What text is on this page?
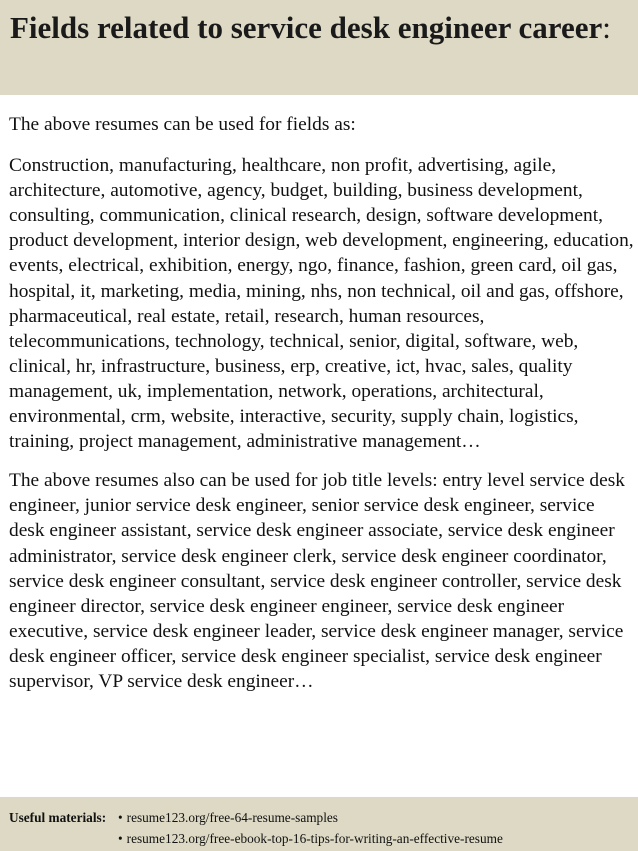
Fields related to service desk engineer career:

The above resumes can be used for fields as:

Construction, manufacturing, healthcare, non profit, advertising, agile, architecture, automotive, agency, budget, building, business development, consulting, communication, clinical research, design, software development, product development, interior design, web development, engineering, education, events, electrical, exhibition, energy, ngo, finance, fashion, green card, oil gas, hospital, it, marketing, media, mining, nhs, non technical, oil and gas, offshore, pharmaceutical, real estate, retail, research, human resources, telecommunications, technology, technical, senior, digital, software, web, clinical, hr, infrastructure, business, erp, creative, ict, hvac, sales, quality management, uk, implementation, network, operations, architectural, environmental, crm, website, interactive, security, supply chain, logistics, training, project management, administrative management…

The above resumes also can be used for job title levels: entry level service desk engineer, junior service desk engineer, senior service desk engineer, service desk engineer assistant, service desk engineer associate, service desk engineer administrator, service desk engineer clerk, service desk engineer coordinator, service desk engineer consultant, service desk engineer controller, service desk engineer director, service desk engineer engineer, service desk engineer executive, service desk engineer leader, service desk engineer manager, service desk engineer officer, service desk engineer specialist, service desk engineer supervisor, VP service desk engineer…

Useful materials: • resume123.org/free-64-resume-samples
• resume123.org/free-ebook-top-16-tips-for-writing-an-effective-resume
